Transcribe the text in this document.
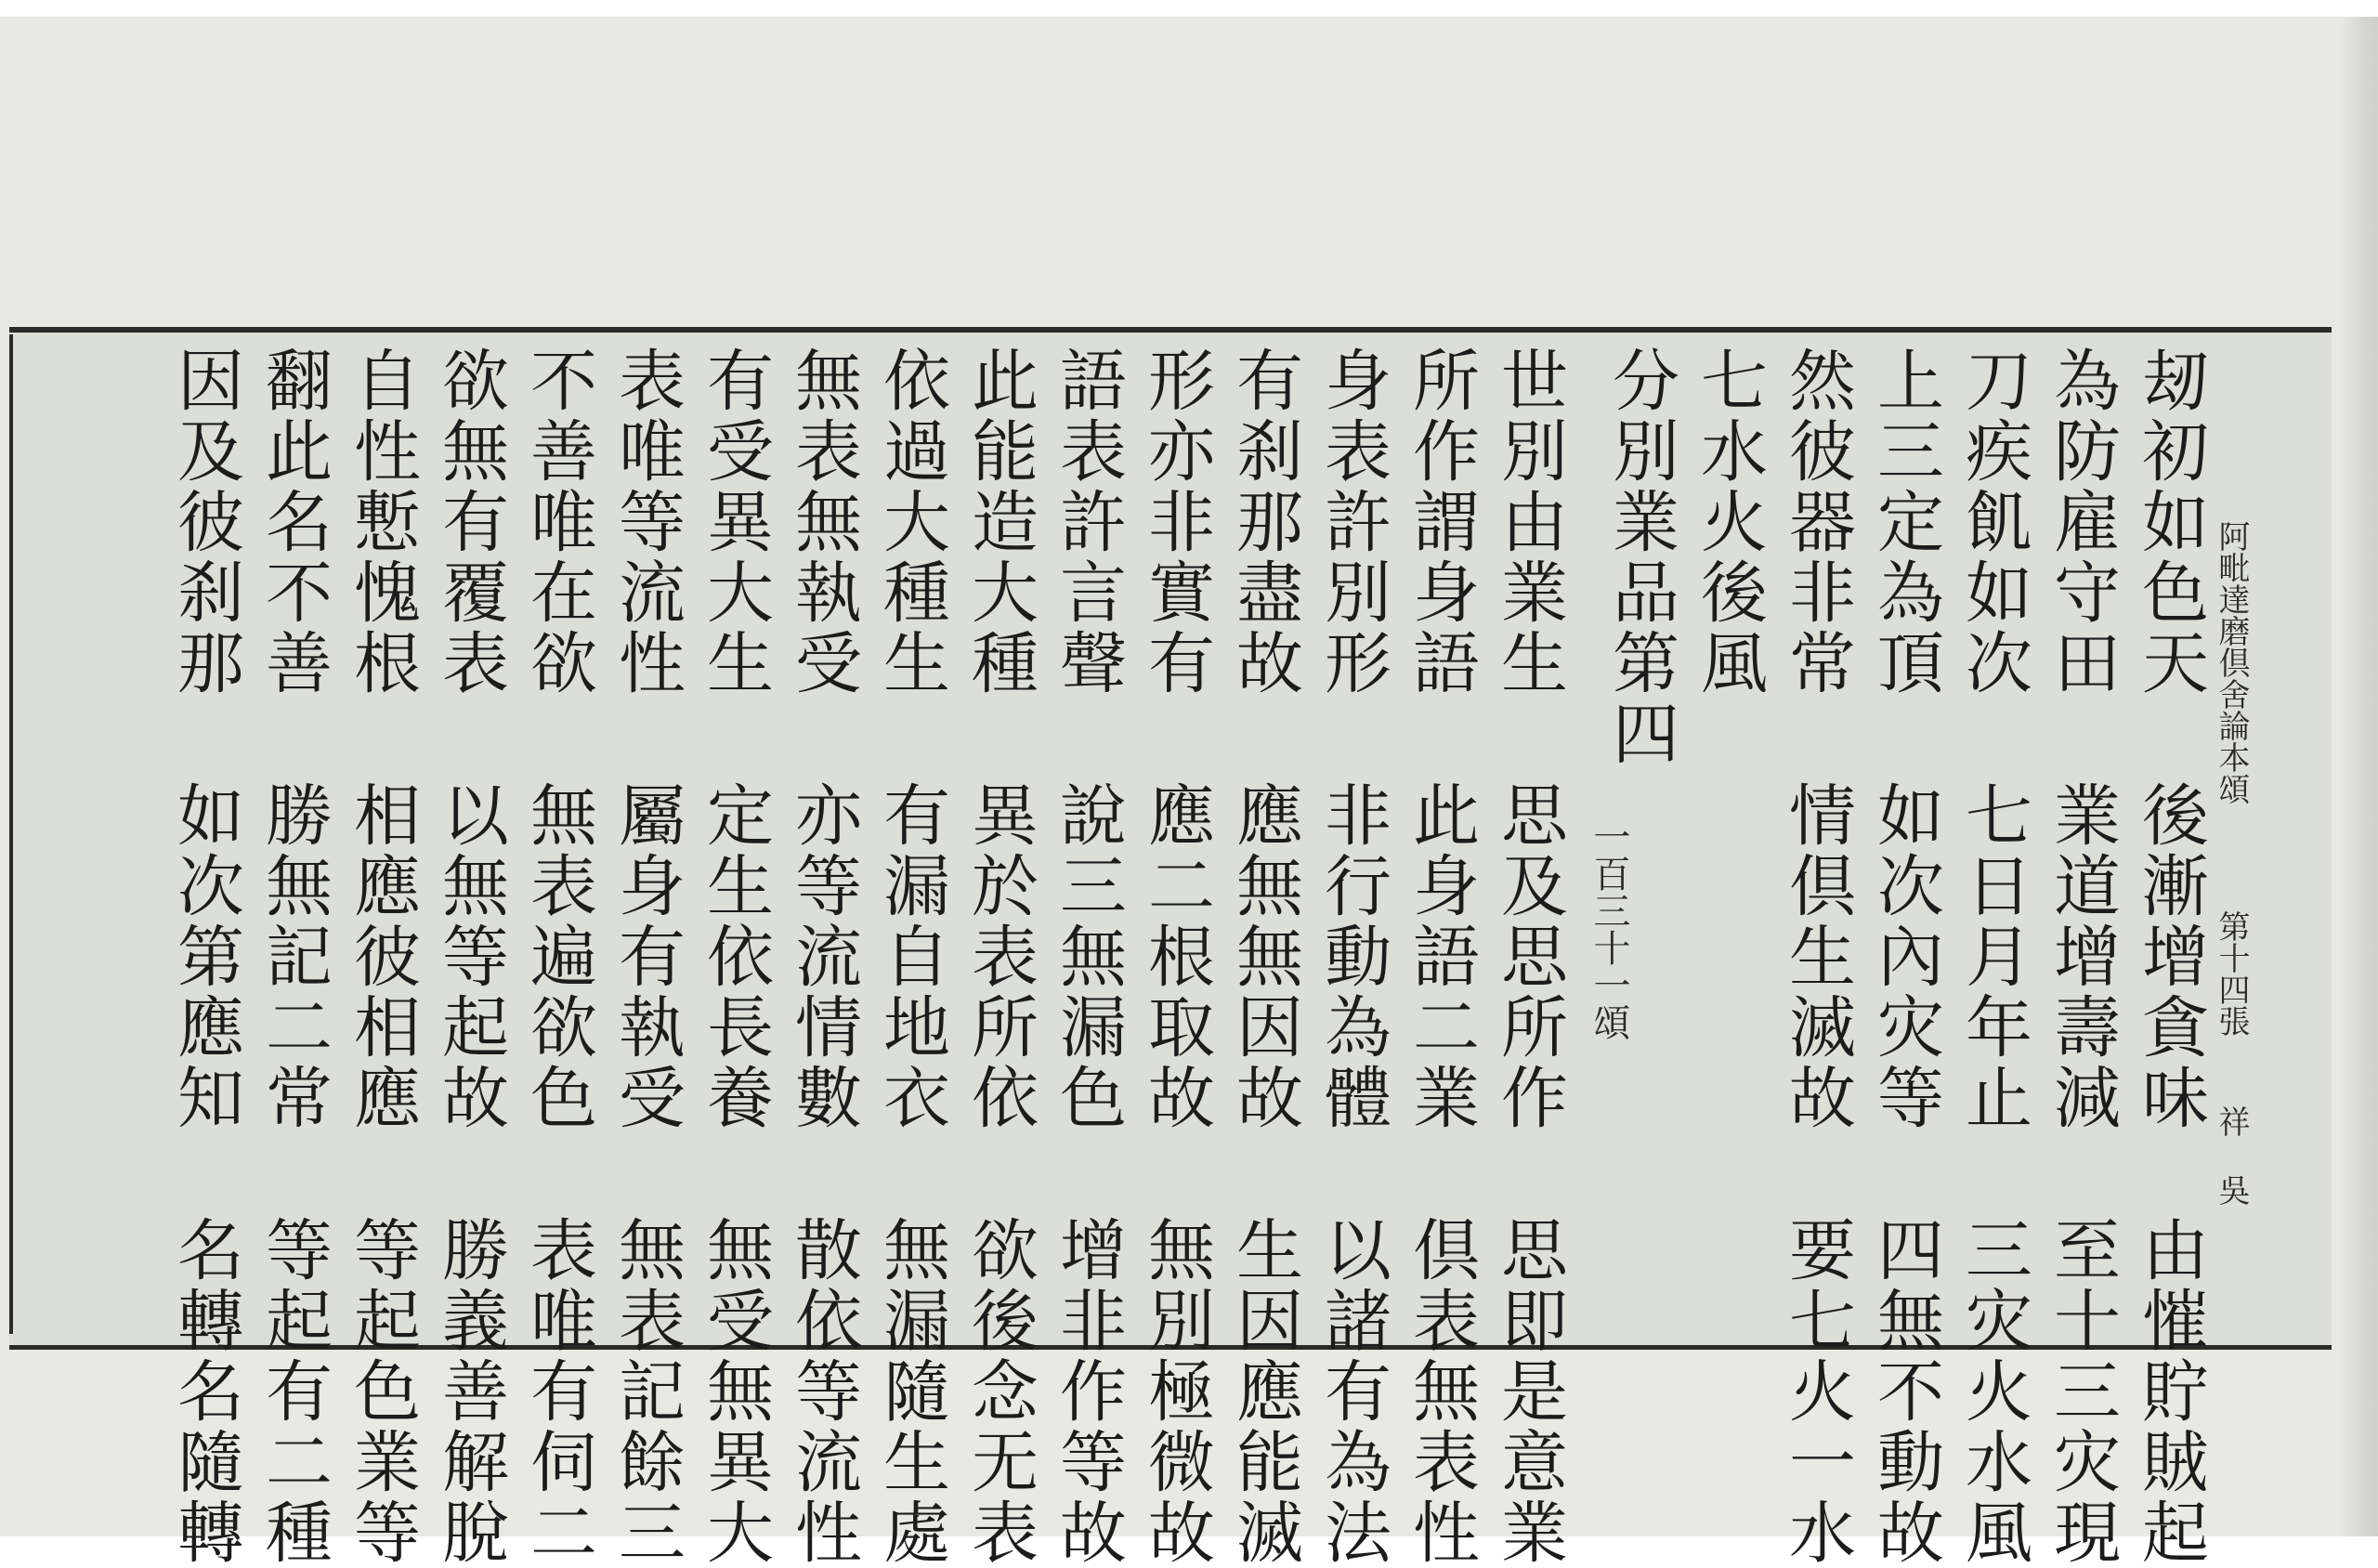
刼初如色天 後漸增貪味 由慛貯賊起
為防雇守田 業道增壽減 至十三灾現
刀疾飢如次 七日月年止 三灾火水風
上三定為頂 如次內灾等 四無不動故
然彼器非常 情倶生滅故 要七火一水
七水火後風
分別業品第四
世別由業生 思及思所作 思即是意業
所作謂身語 此身語二業 倶表無表性
身表許別形 非行動為體 以諸有為法
有刹那盡故 應無無因故 生因應能滅
形亦非實有 應二根取故 無別極微故
語表許言聲 說三無漏色 增非作等故
此能造大種 異於表所依 欲後念无表
依過大種生 有漏自地衣 無漏隨生處
無表無執受 亦等流情數 散依等流性
有受異大生 定生依長養 無受無異大
表唯等流性 屬身有執受 無表記餘三
不善唯在欲 無表遍欲色 表唯有伺二
欲無有覆表 以無等起故 勝義善解脫
自性慙愧根 相應彼相應 等起色業等
翻此名不善 勝無記二常 等起有二種
因及彼刹那 如次第應知 名轉名隨轉	阿毗達磨倶舍論本頌
第十四張
祥 吳
一百三十一頌
